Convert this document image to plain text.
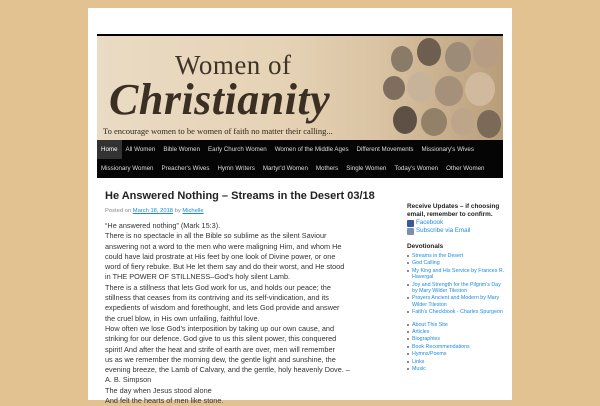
Women of
Christianity
To encourage women to be women of faith no matter their calling...
Home	All Women	Bible Women	Early Church Women	Women of the Middle Ages	Different Movements	Missionary's Wives
Missionary Women	Preacher's Wives	Hymn Writers	Martyr'd Women	Mothers	Single Women	Today's Women	Other Women
He Answered Nothing – Streams in the Desert 03/18
Posted on March 18, 2018 by Michelle

“He answered nothing” (Mark 15:3).

There is no spectacle in all the Bible so sublime as the silent Saviour

answering not a word to the men who were maligning Him, and whom He

could have laid prostrate at His feet by one look of Divine power, or one

word of fiery rebuke. But He let them say and do their worst, and He stood

in THE POWER OF STILLNESS–God’s holy silent Lamb.

There is a stillness that lets God work for us, and holds our peace; the

stillness that ceases from its contriving and its self-vindication, and its

expedients of wisdom and forethought, and lets God provide and answer

the cruel blow, in His own unfailing, faithful love.

How often we lose God’s interposition by taking up our own cause, and

striking for our defence. God give to us this silent power, this conquered

spirit! And after the heat and strife of earth are over, men will remember

us as we remember the morning dew, the gentle light and sunshine, the

evening breeze, the Lamb of Calvary, and the gentle, holy heavenly Dove. –

A. B. Simpson

The day when Jesus stood alone

And felt the hearts of men like stone.

Receive Updates – if choosing email, remember to confirm.
Facebook
Subscribe via Email
Devotionals
Streams in the Desert
God Calling
My King and His Service by Frances R. Havergal
Joy and Strength for the Pilgrim's Day by Mary Wilder Tileston
Prayers Ancient and Modern by Mary Wilder Tileston
Faith's Checkbook - Charles Spurgeon
About This Site
Articles
Biographies
Book Recommendations
Hymns/Poems
Links
Music
